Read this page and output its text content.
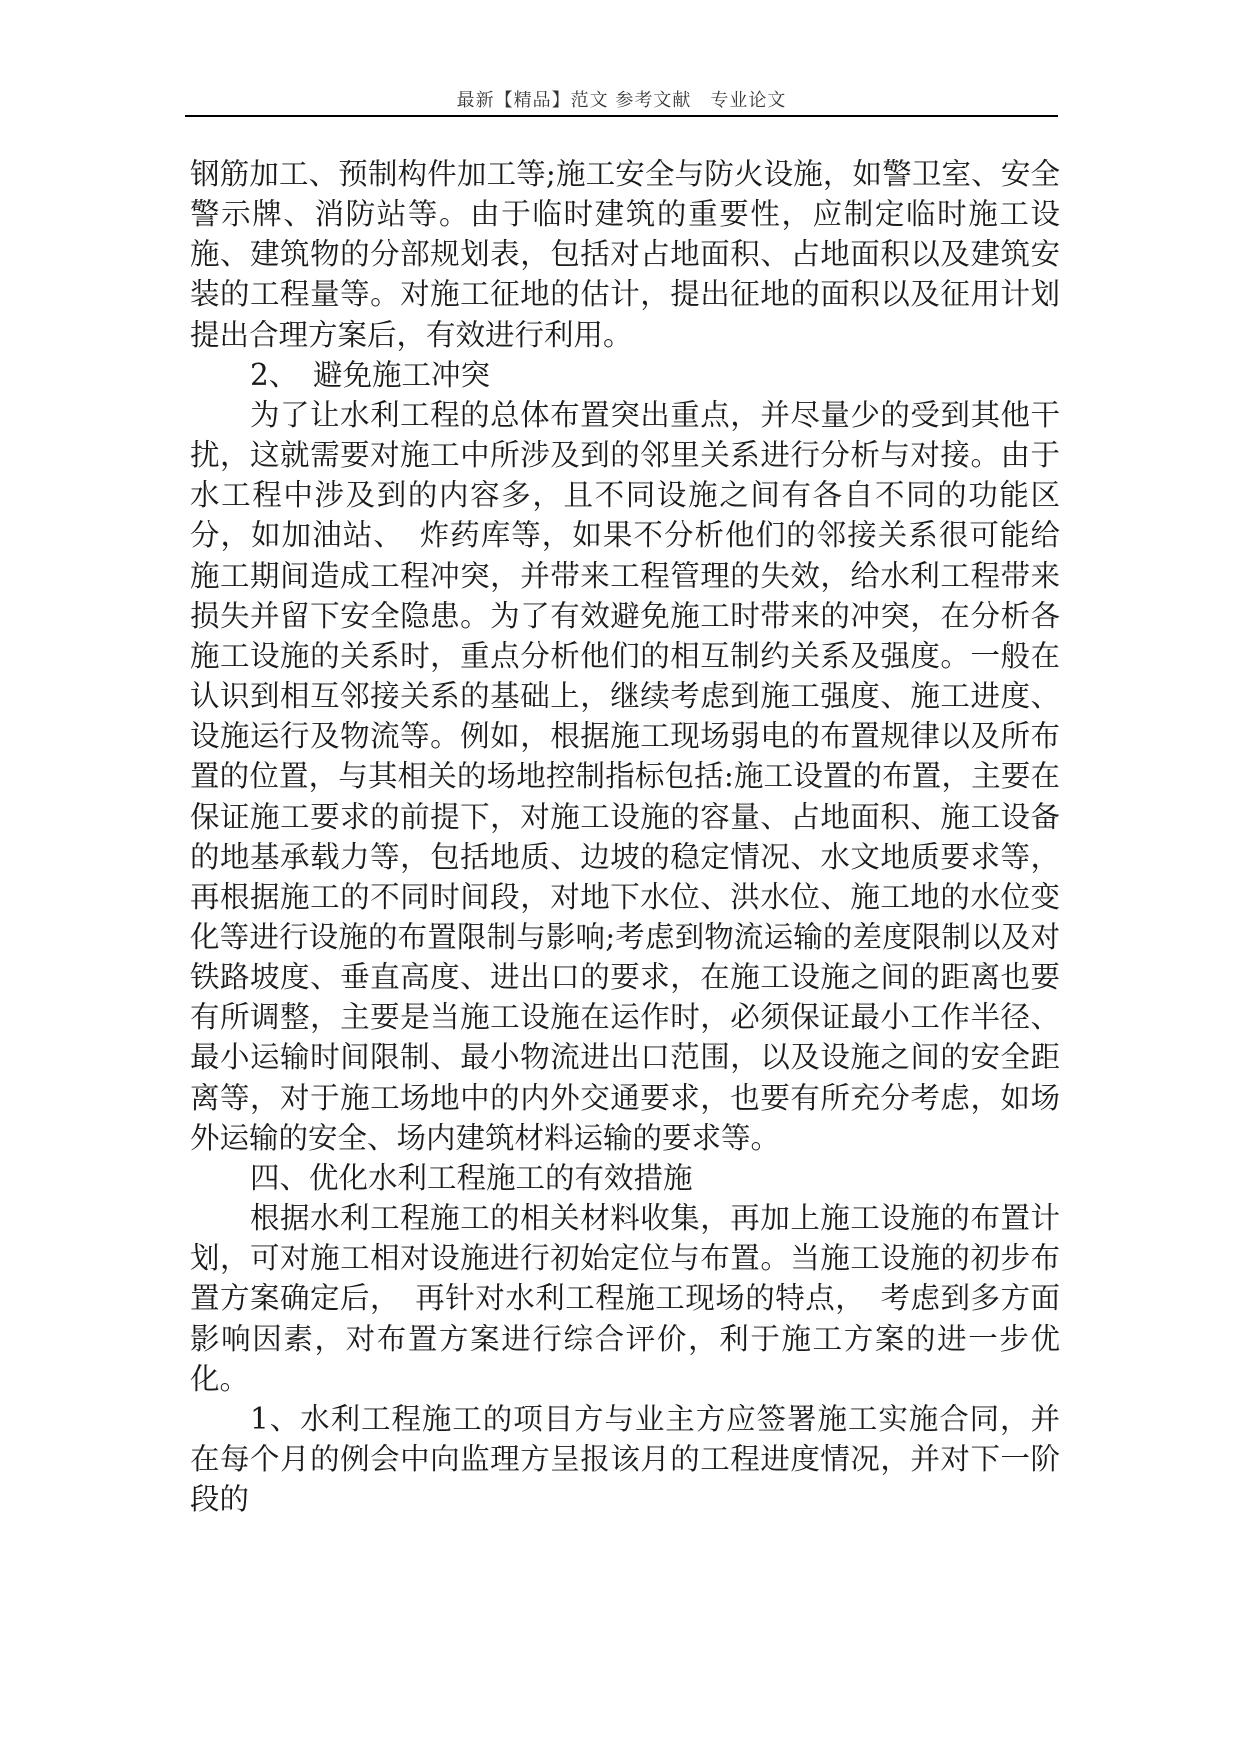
最新【精品】范文 参考文献　专业论文

钢筋加工、预制构件加工等;施工安全与防火设施，如警卫室、安全警示牌、消防站等。由于临时建筑的重要性，应制定临时施工设施、建筑物的分部规划表，包括对占地面积、占地面积以及建筑安装的工程量等。对施工征地的估计，提出征地的面积以及征用计划提出合理方案后，有效进行利用。

2、　避免施工冲突

为了让水利工程的总体布置突出重点，并尽量少的受到其他干扰，这就需要对施工中所涉及到的邻里关系进行分析与对接。由于水工程中涉及到的内容多，且不同设施之间有各自不同的功能区分，如加油站、　炸药库等，如果不分析他们的邻接关系很可能给施工期间造成工程冲突，并带来工程管理的失效，给水利工程带来损失并留下安全隐患。为了有效避免施工时带来的冲突，在分析各施工设施的关系时，重点分析他们的相互制约关系及强度。一般在认识到相互邻接关系的基础上，继续考虑到施工强度、施工进度、设施运行及物流等。例如，根据施工现场弱电的布置规律以及所布置的位置，与其相关的场地控制指标包括:施工设置的布置，主要在保证施工要求的前提下，对施工设施的容量、占地面积、施工设备的地基承载力等，包括地质、边坡的稳定情况、水文地质要求等，再根据施工的不同时间段，对地下水位、洪水位、施工地的水位变化等进行设施的布置限制与影响;考虑到物流运输的差度限制以及对铁路坡度、垂直高度、进出口的要求，在施工设施之间的距离也要有所调整，主要是当施工设施在运作时，必须保证最小工作半径、最小运输时间限制、最小物流进出口范围，以及设施之间的安全距离等，对于施工场地中的内外交通要求，也要有所充分考虑，如场外运输的安全、场内建筑材料运输的要求等。

四、优化水利工程施工的有效措施

根据水利工程施工的相关材料收集，再加上施工设施的布置计划，可对施工相对设施进行初始定位与布置。当施工设施的初步布置方案确定后，　再针对水利工程施工现场的特点，　考虑到多方面影响因素，对布置方案进行综合评价，利于施工方案的进一步优化。

1、水利工程施工的项目方与业主方应签署施工实施合同，并在每个月的例会中向监理方呈报该月的工程进度情况，并对下一阶段的
